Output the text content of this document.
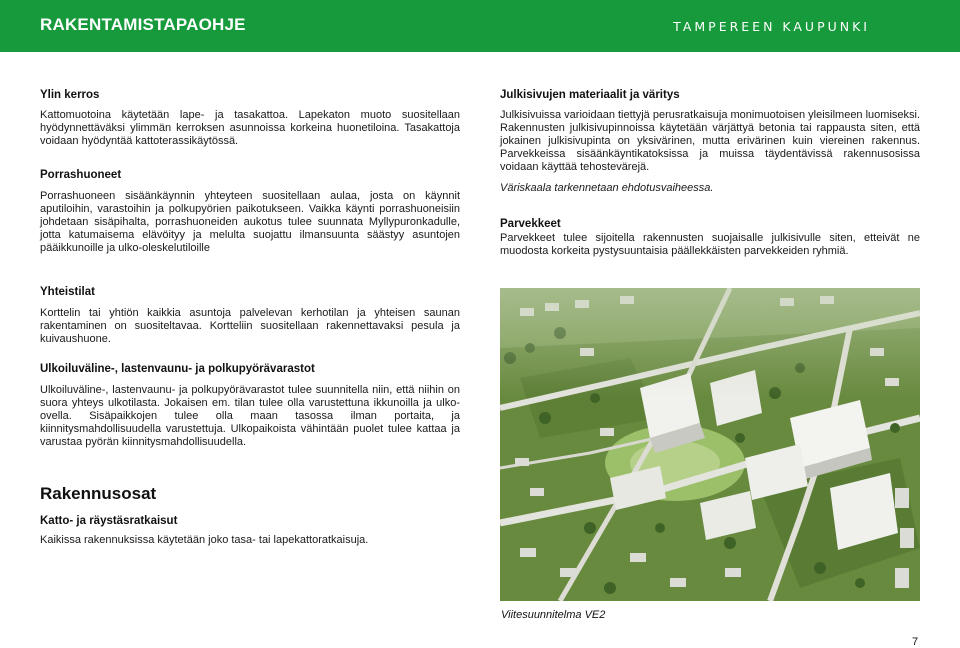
RAKENTAMISTAPAOHJE	TAMPEREEN KAUPUNKI
Ylin kerros

Kattomuotoina käytetään lape- ja tasakattoa. Lapekaton muoto suositellaan hyödynnettäväksi ylimmän kerroksen asunnoissa korkeina huonetiloina. Tasakattoja voidaan hyödyntää kattoterassikäytössä.

Porrashuoneet

Porrashuoneen sisäänkäynnin yhteyteen suositellaan aulaa, josta on käynnit aputiloihin, varastoihin ja polkupyörien paikotukseen. Vaikka käynti porrashuoneisiin johdetaan sisäpihalta, porrashuoneiden aukotus tulee suunnata Myllypuronkadulle, jotta katumaisema elävöityy ja melulta suojattu ilmansuunta säästyy asuntojen pääikkunoille ja ulko-oleskelutiloille

Yhteistilat

Korttelin tai yhtiön kaikkia asuntoja palvelevan kerhotilan ja yhteisen saunan rakentaminen on suositeltavaa. Kortteliin suositellaan rakennettavaksi pesula ja kuivaushuone.

Ulkoiluväline-, lastenvaunu- ja polkupyörävarastot

Ulkoiluväline-, lastenvaunu- ja polkupyörävarastot tulee suunnitella niin, että niihin on suora yhteys ulkotilasta. Jokaisen em. tilan tulee olla varustettuna ikkunoilla ja ulko-ovella. Sisäpaikkojen tulee olla maan tasossa ilman portaita, ja kiinnitysmahdollisuudella varustettuja. Ulkopaikoista vähintään puolet tulee kattaa ja varustaa pyörän kiinnitysmahdollisuudella.

Rakennusosat
Katto- ja räystäsratkaisut

Kaikissa rakennuksissa käytetään joko tasa- tai lapekattoratkaisuja.

Julkisivujen materiaalit ja väritys

Julkisivuissa varioidaan tiettyjä perusratkaisuja monimuotoisen yleisilmeen luomiseksi. Rakennusten julkisivupinnoissa käytetään värjättyä betonia tai rappausta siten, että jokainen julkisivupinta on yksivärinen, mutta erivärinen kuin viereinen rakennus. Parvekkeissa sisäänkäyntikatoksissa ja muissa täydentävissä rakennusosissa voidaan käyttää tehostevärejä.

Väriskaala tarkennetaan ehdotusvaiheessa.

Parvekkeet

Parvekkeet tulee sijoitella rakennusten suojaisalle julkisivulle siten, etteivät ne muodosta korkeita pystysuuntaisia päällekkäisten parvekkeiden ryhmiä.

Viitesuunnitelma VE2
7
